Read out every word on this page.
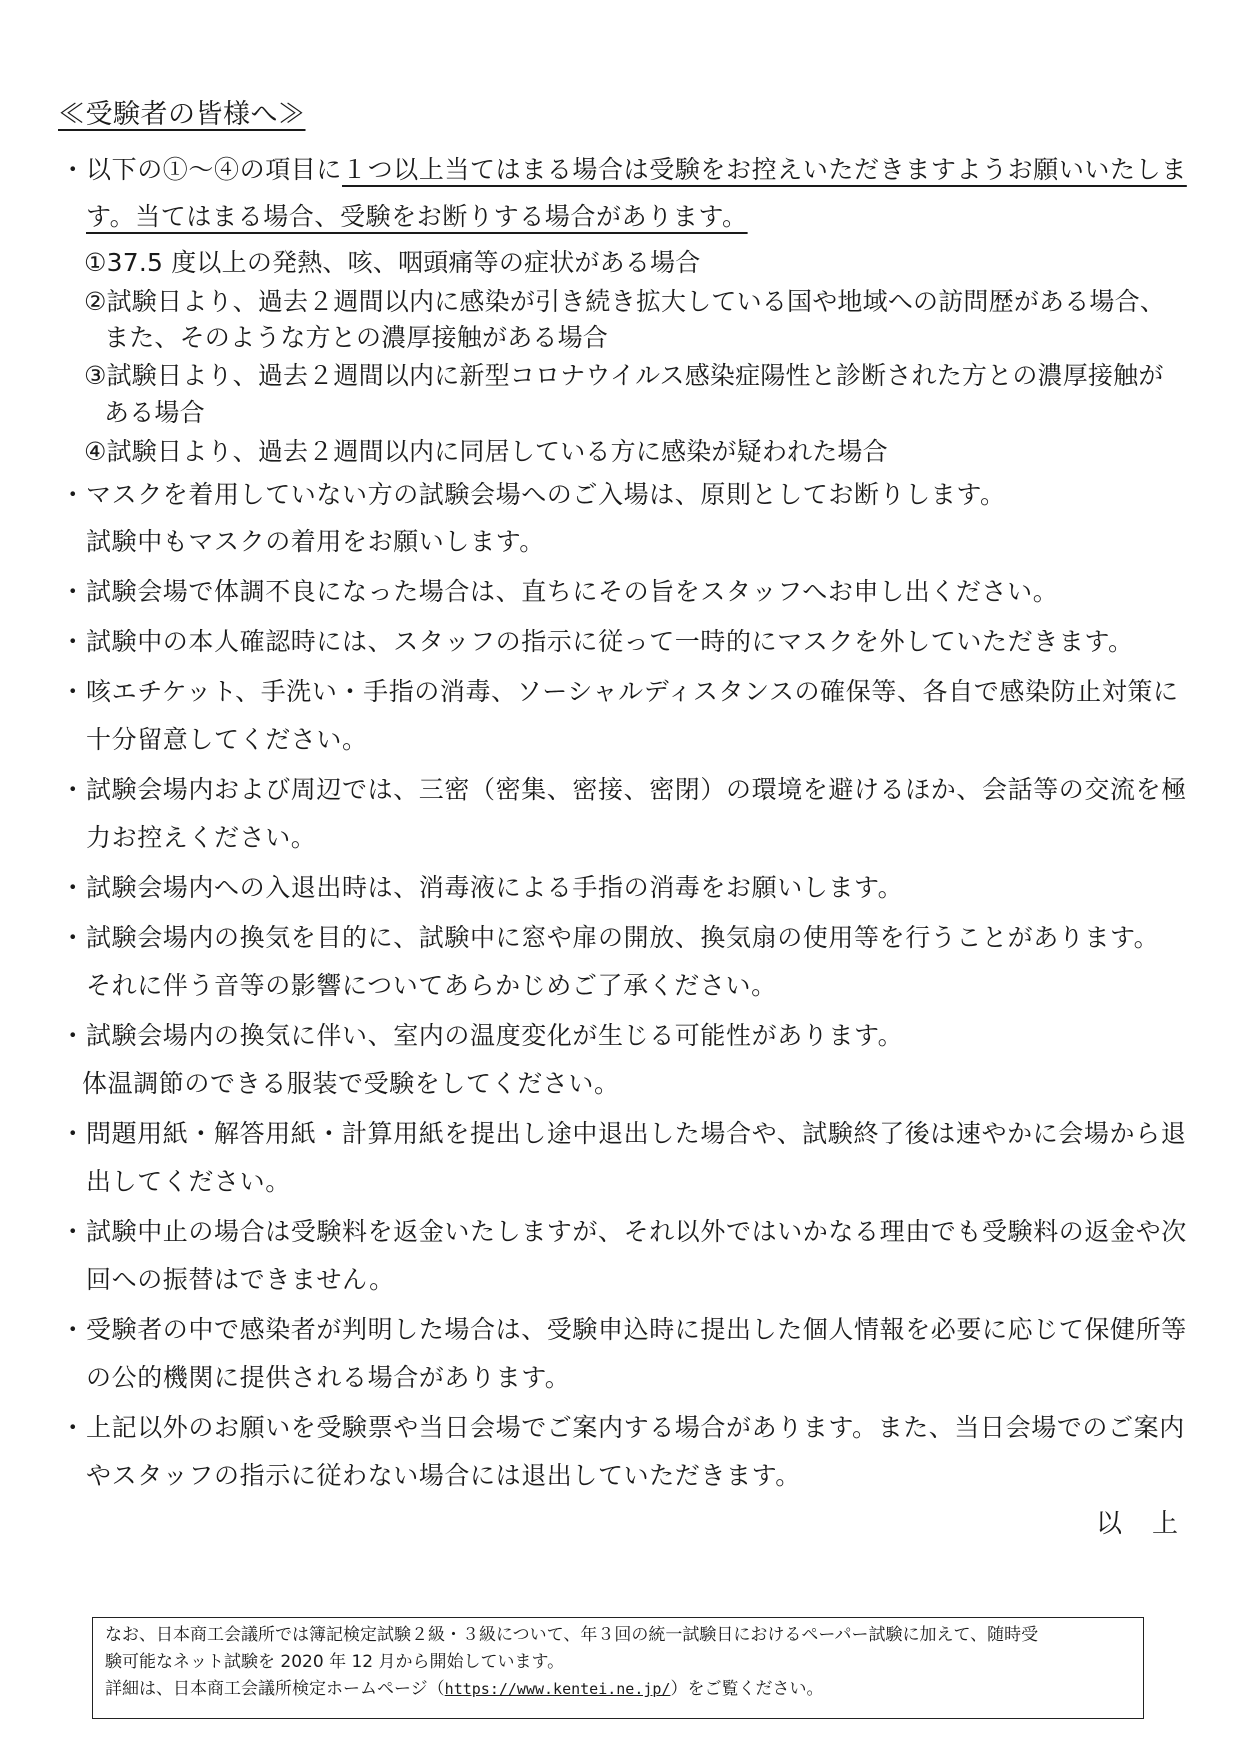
≪受験者の皆様へ≫
・以下の①～④の項目に１つ以上当てはまる場合は受験をお控えいただきますようお願いいたしま
す。当てはまる場合、受験をお断りする場合があります。
①37.5 度以上の発熱、咳、咽頭痛等の症状がある場合
②試験日より、過去２週間以内に感染が引き続き拡大している国や地域への訪問歴がある場合、
また、そのような方との濃厚接触がある場合
③試験日より、過去２週間以内に新型コロナウイルス感染症陽性と診断された方との濃厚接触が
ある場合
④試験日より、過去２週間以内に同居している方に感染が疑われた場合
・マスクを着用していない方の試験会場へのご入場は、原則としてお断りします。
試験中もマスクの着用をお願いします。
・試験会場で体調不良になった場合は、直ちにその旨をスタッフへお申し出ください。
・試験中の本人確認時には、スタッフの指示に従って一時的にマスクを外していただきます。
・咳エチケット、手洗い・手指の消毒、ソーシャルディスタンスの確保等、各自で感染防止対策に
十分留意してください。
・試験会場内および周辺では、三密（密集、密接、密閉）の環境を避けるほか、会話等の交流を極
力お控えください。
・試験会場内への入退出時は、消毒液による手指の消毒をお願いします。
・試験会場内の換気を目的に、試験中に窓や扉の開放、換気扇の使用等を行うことがあります。
それに伴う音等の影響についてあらかじめご了承ください。
・試験会場内の換気に伴い、室内の温度変化が生じる可能性があります。
体温調節のできる服装で受験をしてください。
・問題用紙・解答用紙・計算用紙を提出し途中退出した場合や、試験終了後は速やかに会場から退
出してください。
・試験中止の場合は受験料を返金いたしますが、それ以外ではいかなる理由でも受験料の返金や次
回への振替はできません。
・受験者の中で感染者が判明した場合は、受験申込時に提出した個人情報を必要に応じて保健所等
の公的機関に提供される場合があります。
・上記以外のお願いを受験票や当日会場でご案内する場合があります。また、当日会場でのご案内
やスタッフの指示に従わない場合には退出していただきます。
以　上
なお、日本商工会議所では簿記検定試験２級・３級について、年３回の統一試験日におけるペーパー試験に加えて、随時受
験可能なネット試験を 2020 年 12 月から開始しています。
詳細は、日本商工会議所検定ホームページ（https://www.kentei.ne.jp/）をご覧ください。
